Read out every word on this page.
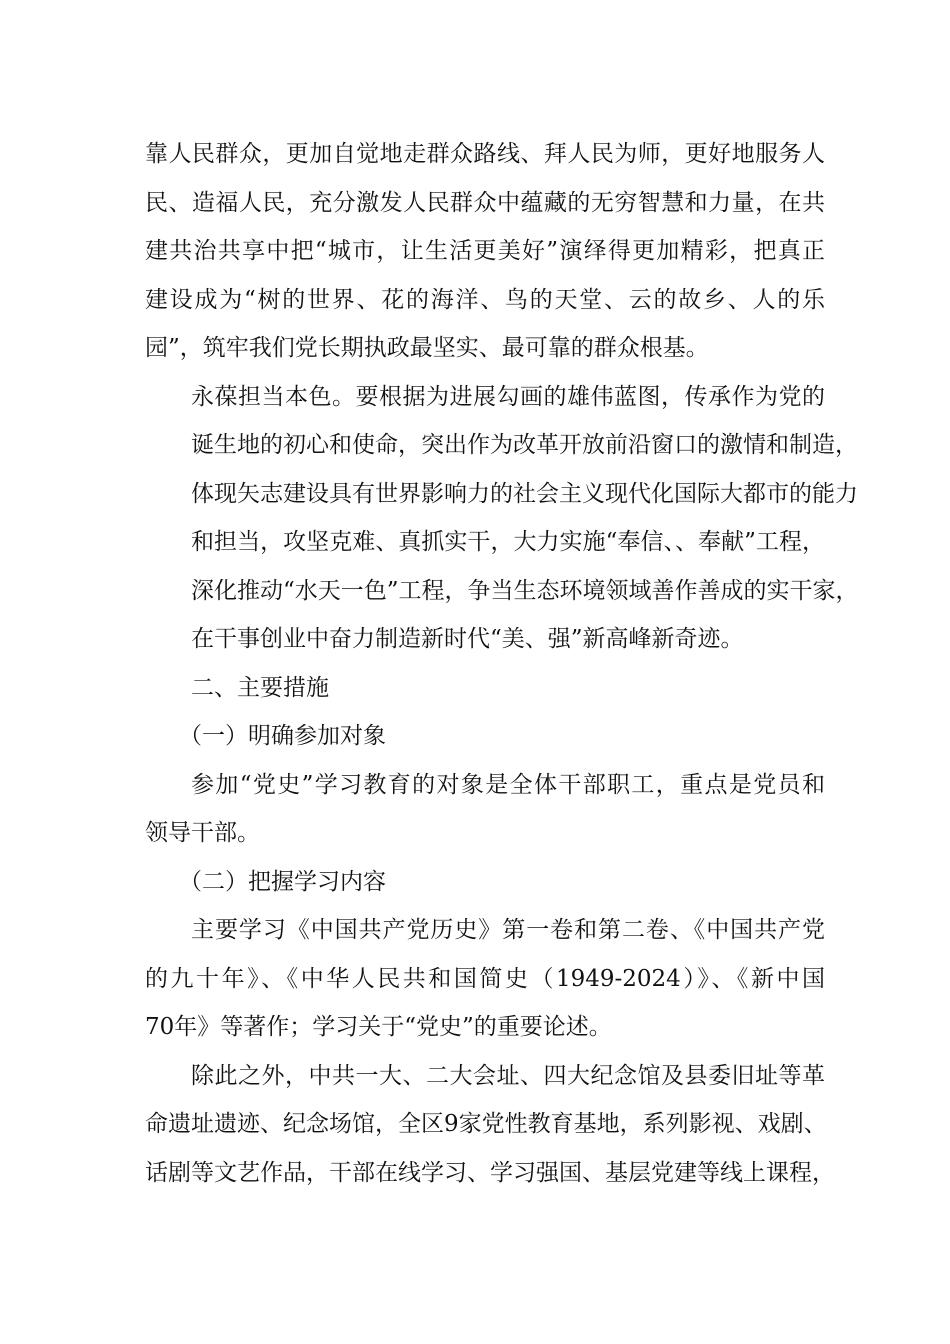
靠人民群众，更加自觉地走群众路线、拜人民为师，更好地服务人
民、造福人民，充分激发人民群众中蕴藏的无穷智慧和力量，在共
建共治共享中把“城市，让生活更美好”演绎得更加精彩，把真正
建设成为“树的世界、花的海洋、鸟的天堂、云的故乡、人的乐
园”，筑牢我们党长期执政最坚实、最可靠的群众根基。
永葆担当本色。要根据为进展勾画的雄伟蓝图，传承作为党的
诞生地的初心和使命，突出作为改革开放前沿窗口的激情和制造，
体现矢志建设具有世界影响力的社会主义现代化国际大都市的能力
和担当，攻坚克难、真抓实干，大力实施“奉信、、奉献”工程，
深化推动“水天一色”工程，争当生态环境领域善作善成的实干家，
在干事创业中奋力制造新时代“美、强”新高峰新奇迹。
二、主要措施
（一）明确参加对象
参加“党史”学习教育的对象是全体干部职工，重点是党员和
领导干部。
（二）把握学习内容
主要学习《中国共产党历史》第一卷和第二卷、《中国共产党
的九十年》、《中华人民共和国简史（1949-2024）》、《新中国
70年》等著作；学习关于“党史”的重要论述。
除此之外，中共一大、二大会址、四大纪念馆及县委旧址等革
命遗址遗迹、纪念场馆，全区9家党性教育基地，系列影视、戏剧、
话剧等文艺作品，干部在线学习、学习强国、基层党建等线上课程，
